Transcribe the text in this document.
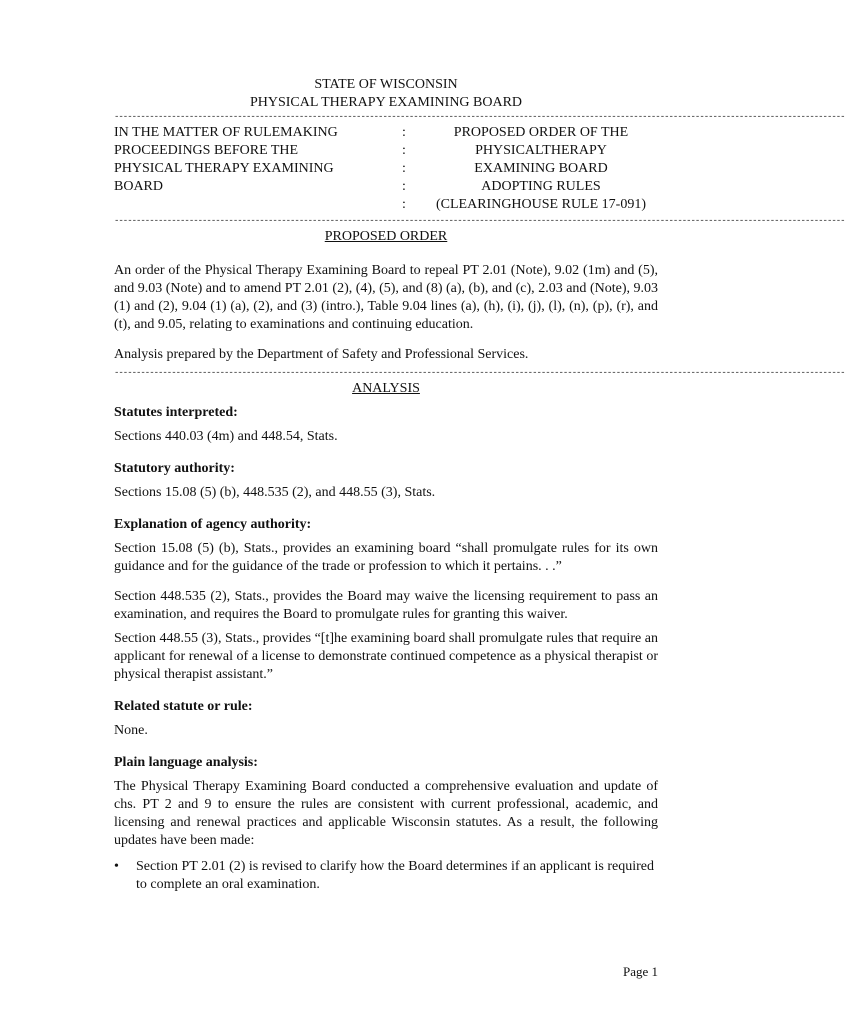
STATE OF WISCONSIN
PHYSICAL THERAPY EXAMINING BOARD
----------------------------------------------------------------------------------------------------------------------------------------------------------------------
IN THE MATTER OF RULEMAKING
PROCEEDINGS BEFORE THE
PHYSICAL THERAPY EXAMINING
BOARD
:
:
:
:
:
PROPOSED ORDER OF THE
PHYSICALTHERAPY
EXAMINING BOARD
ADOPTING RULES
(CLEARINGHOUSE RULE 17-091)
----------------------------------------------------------------------------------------------------------------------------------------------------------------------
PROPOSED ORDER

An order of the Physical Therapy Examining Board to repeal PT 2.01 (Note), 9.02 (1m) and (5), and 9.03 (Note) and to amend PT 2.01 (2), (4), (5), and (8) (a), (b), and (c), 2.03 and (Note), 9.03 (1) and (2), 9.04 (1) (a), (2), and (3) (intro.), Table 9.04 lines (a), (h), (i), (j), (l), (n), (p), (r), and (t), and 9.05, relating to examinations and continuing education.

Analysis prepared by the Department of Safety and Professional Services.

----------------------------------------------------------------------------------------------------------------------------------------------------------------------
ANALYSIS
Statutes interpreted:

Sections 440.03 (4m) and 448.54, Stats.

Statutory authority:

Sections 15.08 (5) (b), 448.535 (2), and 448.55 (3), Stats.

Explanation of agency authority:

Section 15.08 (5) (b), Stats., provides an examining board “shall promulgate rules for its own guidance and for the guidance of the trade or profession to which it pertains. . .”

Section 448.535 (2), Stats., provides the Board may waive the licensing requirement to pass an examination, and requires the Board to promulgate rules for granting this waiver.

Section 448.55 (3), Stats., provides “[t]he examining board shall promulgate rules that require an applicant for renewal of a license to demonstrate continued competence as a physical therapist or physical therapist assistant.”

Related statute or rule:

None.

Plain language analysis:

The Physical Therapy Examining Board conducted a comprehensive evaluation and update of chs. PT 2 and 9 to ensure the rules are consistent with current professional, academic, and licensing and renewal practices and applicable Wisconsin statutes. As a result, the following updates have been made:

• Section PT 2.01 (2) is revised to clarify how the Board determines if an applicant is required to complete an oral examination.
Page 1
